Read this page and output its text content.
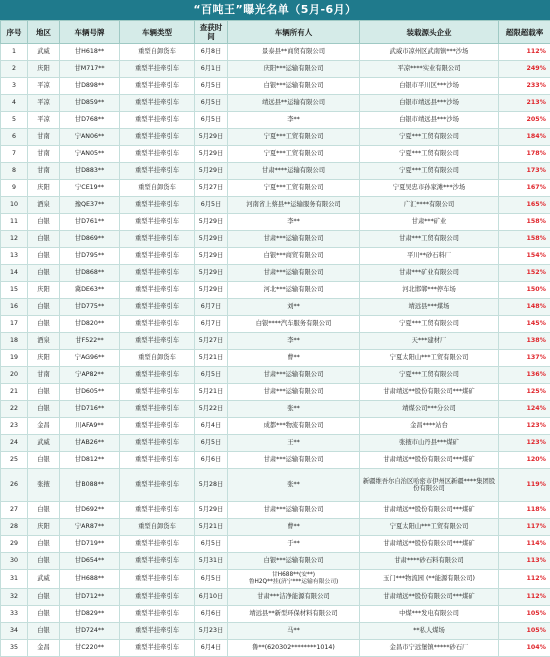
“百吨王”曝光名单（5月-6月）
序号	地区	车辆号牌	车辆类型	查获时间	车辆所有人	装载源头企业	超限超载率
1	武威	甘H618**	重型自卸货车	6月8日	景泰县**商贸有限公司	武威市凉州区武南镇***沙场	112%
2	庆阳	甘M717**	重型半挂牵引车	6月1日	庆阳***运输有限公司	平凉****实业有限公司	249%
3	平凉	甘D898**	重型半挂牵引车	6月5日	白银***运输有限公司	白银市平川区***沙场	233%
4	平凉	甘D859**	重型半挂牵引车	6月5日	靖远县**运输有限公司	白银市靖远县***沙场	213%
5	平凉	甘D768**	重型半挂牵引车	6月5日	李**	白银市靖远县***沙场	205%
6	甘南	宁AN06**	重型半挂牵引车	5月29日	宁夏***工贸有限公司	宁夏***工贸有限公司	184%
7	甘南	宁AN05**	重型半挂牵引车	5月29日	宁夏***工贸有限公司	宁夏***工贸有限公司	178%
8	甘南	甘D883**	重型半挂牵引车	5月29日	甘肃****运输有限公司	宁夏***工贸有限公司	173%
9	庆阳	宁CE19**	重型自卸货车	5月27日	宁夏***工贸有限公司	宁夏吴忠市孙家滩***沙场	167%
10	酒泉	豫QE37**	重型半挂牵引车	6月5日	河南省上蔡县**运输服务有限公司	广汇****有限公司	165%
11	白银	甘D761**	重型半挂牵引车	5月29日	李**	甘肃***矿业	158%
12	白银	甘D869**	重型半挂牵引车	5月29日	甘肃***运输有限公司	甘肃***工贸有限公司	158%
13	白银	甘D795**	重型半挂牵引车	5月29日	白银***商贸有限公司	平川**砂石料厂	154%
14	白银	甘D868**	重型半挂牵引车	5月29日	甘肃***运输有限公司	甘肃***矿业有限公司	152%
15	庆阳	冀DE63**	重型半挂牵引车	5月29日	河北***运输有限公司	河北邯郸***停车场	150%
16	白银	甘D775**	重型半挂牵引车	6月7日	刘**	靖远县***煤场	148%
17	白银	甘D820**	重型半挂牵引车	6月7日	白银****汽车服务有限公司	宁夏***工贸有限公司	145%
18	酒泉	甘F522**	重型半挂牵引车	5月27日	李**	天***建材厂	138%
19	庆阳	宁AG96**	重型自卸货车	5月21日	曹**	宁夏太阳山***工贸有限公司	137%
20	甘南	宁AP82**	重型半挂牵引车	6月5日	甘肃***运输有限公司	宁夏***工贸有限公司	136%
21	白银	甘D605**	重型半挂牵引车	5月21日	甘肃***运输有限公司	甘肃靖远**股份有限公司***煤矿	125%
22	白银	甘D716**	重型半挂牵引车	5月22日	张**	靖煤公司***分公司	124%
23	金昌	川AFA9**	重型半挂牵引车	6月4日	成都***物流有限公司	金昌****站台	123%
24	武威	甘AB26**	重型半挂牵引车	6月5日	王**	张掖市山丹县***煤矿	123%
25	白银	甘D812**	重型半挂牵引车	6月6日	甘肃***运输有限公司	甘肃靖远**股份有限公司***煤矿	120%
26	张掖	甘B088**	重型半挂牵引车	5月28日	张**	新疆维吾尔自治区哈密市伊州区新疆****集团股份有限公司	119%
27	白银	甘D692**	重型半挂牵引车	5月29日	甘肃***运输有限公司	甘肃靖远**股份有限公司***煤矿	118%
28	庆阳	宁AR87**	重型自卸货车	5月21日	曹**	宁夏太阳山***工贸有限公司	117%
29	白银	甘D719**	重型半挂牵引车	6月5日	于**	甘肃靖远**股份有限公司***煤矿	114%
30	白银	甘D654**	重型半挂牵引车	5月31日	白银***运输有限公司	甘肃****砂石料有限公司	113%
31	武威	甘H688**	重型半挂牵引车	6月5日	甘H688**(安**)
鲁H2Q**挂(济宁***运输有限公司)	玉门***物流园 (**能源有限公司)	112%
32	白银	甘D712**	重型半挂牵引车	6月10日	甘肃***洁净能源有限公司	甘肃靖远**股份有限公司***煤矿	112%
33	白银	甘D829**	重型半挂牵引车	6月6日	靖远县**新型环保材料有限公司	中煤***发电有限公司	105%
34	白银	甘D724**	重型半挂牵引车	5月23日	马**	**私人煤场	105%
35	金昌	甘C220**	重型半挂牵引车	6月4日	鲁**(620302********1014)	金昌市宁远堡镇*****砂石厂	104%
